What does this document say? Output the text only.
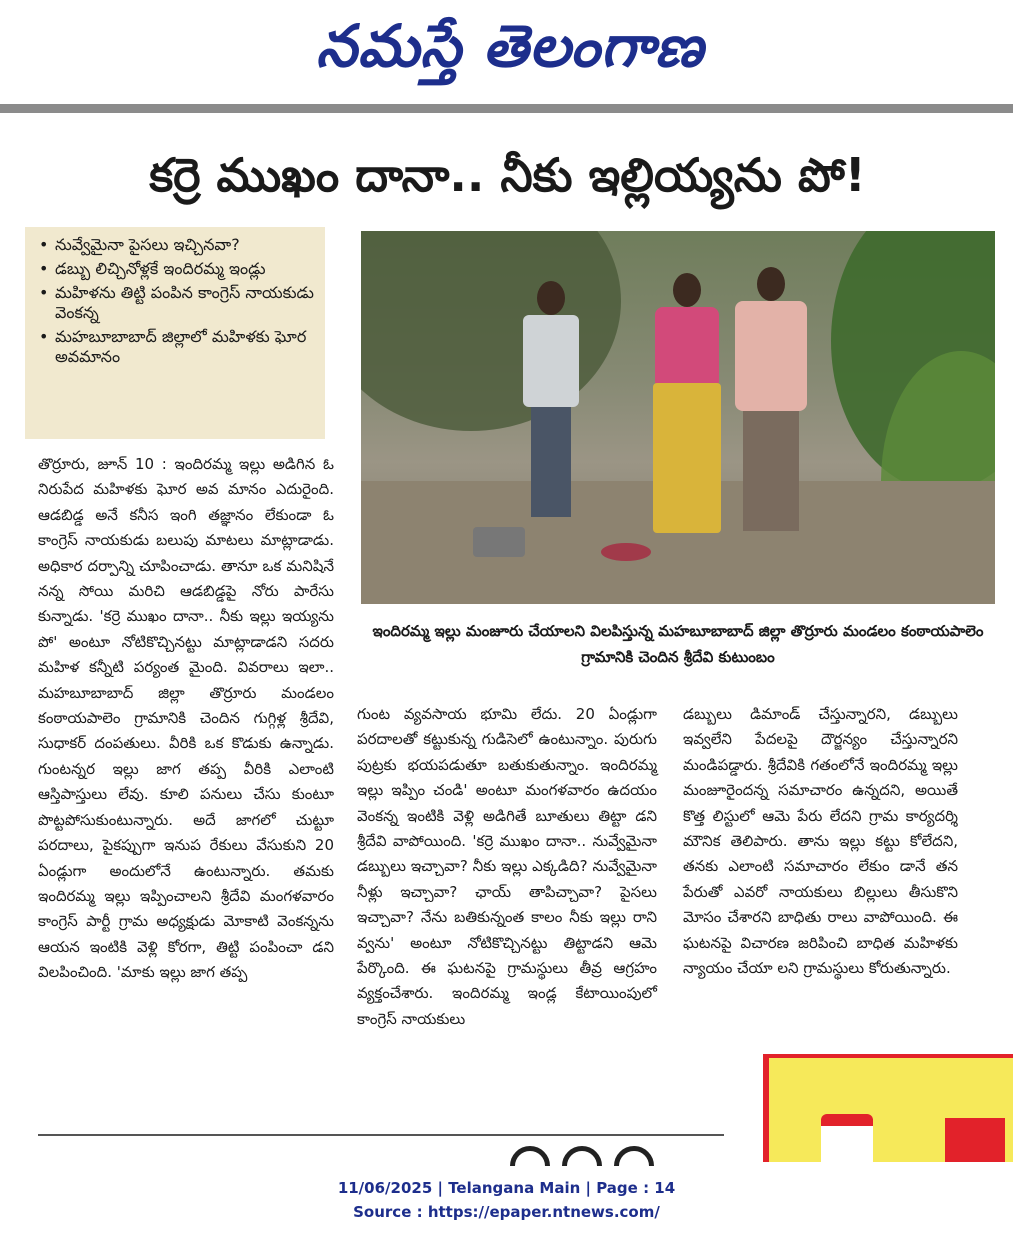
నమస్తే తెలంగాణ
కర్రె ముఖం దానా.. నీకు ఇల్లియ్యను పో!
• నువ్వేమైనా పైసలు ఇచ్చినవా?
• డబ్బు లిచ్చినోళ్లకే ఇందిరమ్మ ఇండ్లు
• మహిళను తిట్టి పంపిన కాంగ్రెస్ నాయకుడు వెంకన్న
• మహబూబాబాద్ జిల్లాలో మహిళకు ఘోర అవమానం
ఇందిరమ్మ ఇల్లు మంజూరు చేయాలని విలపిస్తున్న మహబూబాబాద్ జిల్లా తొర్రూరు మండలం కంఠాయపాలెం గ్రామానికి చెందిన శ్రీదేవి కుటుంబం

తొర్రూరు, జూన్ 10 : ఇందిరమ్మ ఇల్లు అడిగిన ఓ నిరుపేద మహిళకు ఘోర అవ మానం ఎదురైంది. ఆడబిడ్డ అనే కనీస ఇంగి తజ్ఞానం లేకుండా ఓ కాంగ్రెస్ నాయకుడు బలుపు మాటలు మాట్లాడాడు. అధికార దర్పాన్ని చూపించాడు. తానూ ఒక మనిషినే నన్న సోయి మరిచి ఆడబిడ్డపై నోరు పారేసు కున్నాడు. 'కర్రె ముఖం దానా.. నీకు ఇల్లు ఇయ్యను పో' అంటూ నోటికొచ్చినట్టు మాట్లాడాడని సదరు మహిళ కన్నీటి పర్యంత మైంది. వివరాలు ఇలా.. మహబూబాబాద్ జిల్లా తొర్రూరు మండలం కంఠాయపాలెం గ్రామానికి చెందిన గుగ్గిళ్ల శ్రీదేవి, సుధాకర్ దంపతులు. వీరికి ఒక కొడుకు ఉన్నాడు. గుంటన్నర ఇల్లు జాగ తప్ప వీరికి ఎలాంటి ఆస్తిపాస్తులు లేవు. కూలి పనులు చేసు కుంటూ పొట్టపోసుకుంటున్నారు. అదే జాగలో చుట్టూ పరదాలు, పైకప్పుగా ఇనుప రేకులు వేసుకుని 20 ఏండ్లుగా అందులోనే ఉంటున్నారు. తమకు ఇందిరమ్మ ఇల్లు ఇప్పించాలని శ్రీదేవి మంగళవారం కాంగ్రెస్ పార్టీ గ్రామ అధ్యక్షుడు మోకాటి వెంకన్నను ఆయన ఇంటికి వెళ్లి కోరగా, తిట్టి పంపించా డని విలపించింది. 'మాకు ఇల్లు జాగ తప్ప

గుంట వ్యవసాయ భూమి లేదు. 20 ఏండ్లుగా పరదాలతో కట్టుకున్న గుడిసెలో ఉంటున్నాం. పురుగు పుట్రకు భయపడుతూ బతుకుతున్నాం. ఇందిరమ్మ ఇల్లు ఇప్పిం చండి' అంటూ మంగళవారం ఉదయం వెంకన్న ఇంటికి వెళ్లి అడిగితే బూతులు తిట్టా డని శ్రీదేవి వాపోయింది. 'కర్రె ముఖం దానా.. నువ్వేమైనా డబ్బులు ఇచ్చావా? నీకు ఇల్లు ఎక్కడిది? నువ్వేమైనా నీళ్లు ఇచ్చావా? ఛాయ్ తాపిచ్చావా? పైసలు ఇచ్చావా? నేను బతికున్నంత కాలం నీకు ఇల్లు రాని వ్వను' అంటూ నోటికొచ్చినట్టు తిట్టాడని ఆమె పేర్కొంది. ఈ ఘటనపై గ్రామస్థులు తీవ్ర ఆగ్రహం వ్యక్తంచేశారు. ఇందిరమ్మ ఇండ్ల కేటాయింపులో కాంగ్రెస్ నాయకులు

డబ్బులు డిమాండ్ చేస్తున్నారని, డబ్బులు ఇవ్వలేని పేదలపై దౌర్జన్యం చేస్తున్నారని మండిపడ్డారు. శ్రీదేవికి గతంలోనే ఇందిరమ్మ ఇల్లు మంజూరైందన్న సమాచారం ఉన్నదని, అయితే కొత్త లిస్టులో ఆమె పేరు లేదని గ్రామ కార్యదర్శి మౌనిక తెలిపారు. తాను ఇల్లు కట్టు కోలేదని, తనకు ఎలాంటి సమాచారం లేకుం డానే తన పేరుతో ఎవరో నాయకులు బిల్లులు తీసుకొని మోసం చేశారని బాధితు రాలు వాపోయింది. ఈ ఘటనపై విచారణ జరిపించి బాధిత మహిళకు న్యాయం చేయా లని గ్రామస్థులు కోరుతున్నారు.

11/06/2025 | Telangana Main | Page : 14
Source : https://epaper.ntnews.com/
